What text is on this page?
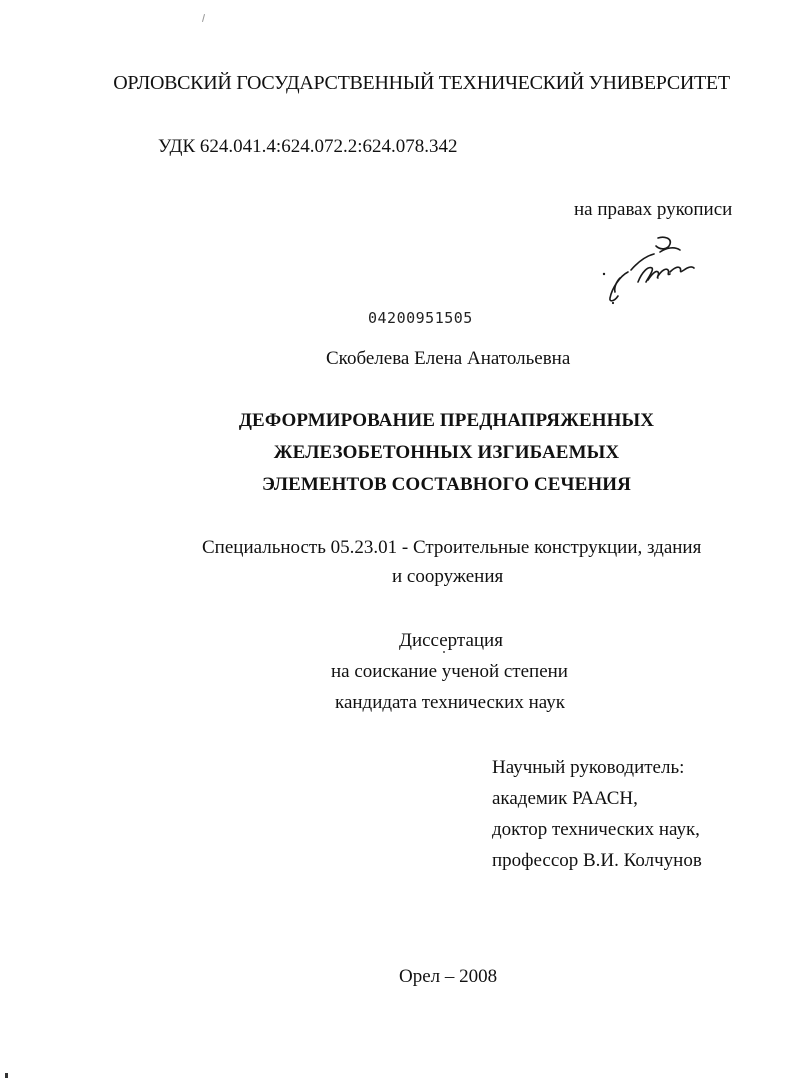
ОРЛОВСКИЙ ГОСУДАРСТВЕННЫЙ ТЕХНИЧЕСКИЙ УНИВЕРСИТЕТ
УДК 624.041.4:624.072.2:624.078.342
на правах рукописи
04200951505
Скобелева Елена Анатольевна
ДЕФОРМИРОВАНИЕ ПРЕДНАПРЯЖЕННЫХ
ЖЕЛЕЗОБЕТОННЫХ ИЗГИБАЕМЫХ
ЭЛЕМЕНТОВ СОСТАВНОГО СЕЧЕНИЯ
Специальность 05.23.01 - Строительные конструкции, здания
и сооружения
Диссертация
на соискание ученой степени
кандидата технических наук
Научный руководитель:
академик РААСН,
доктор технических наук,
профессор В.И. Колчунов
Орел – 2008
